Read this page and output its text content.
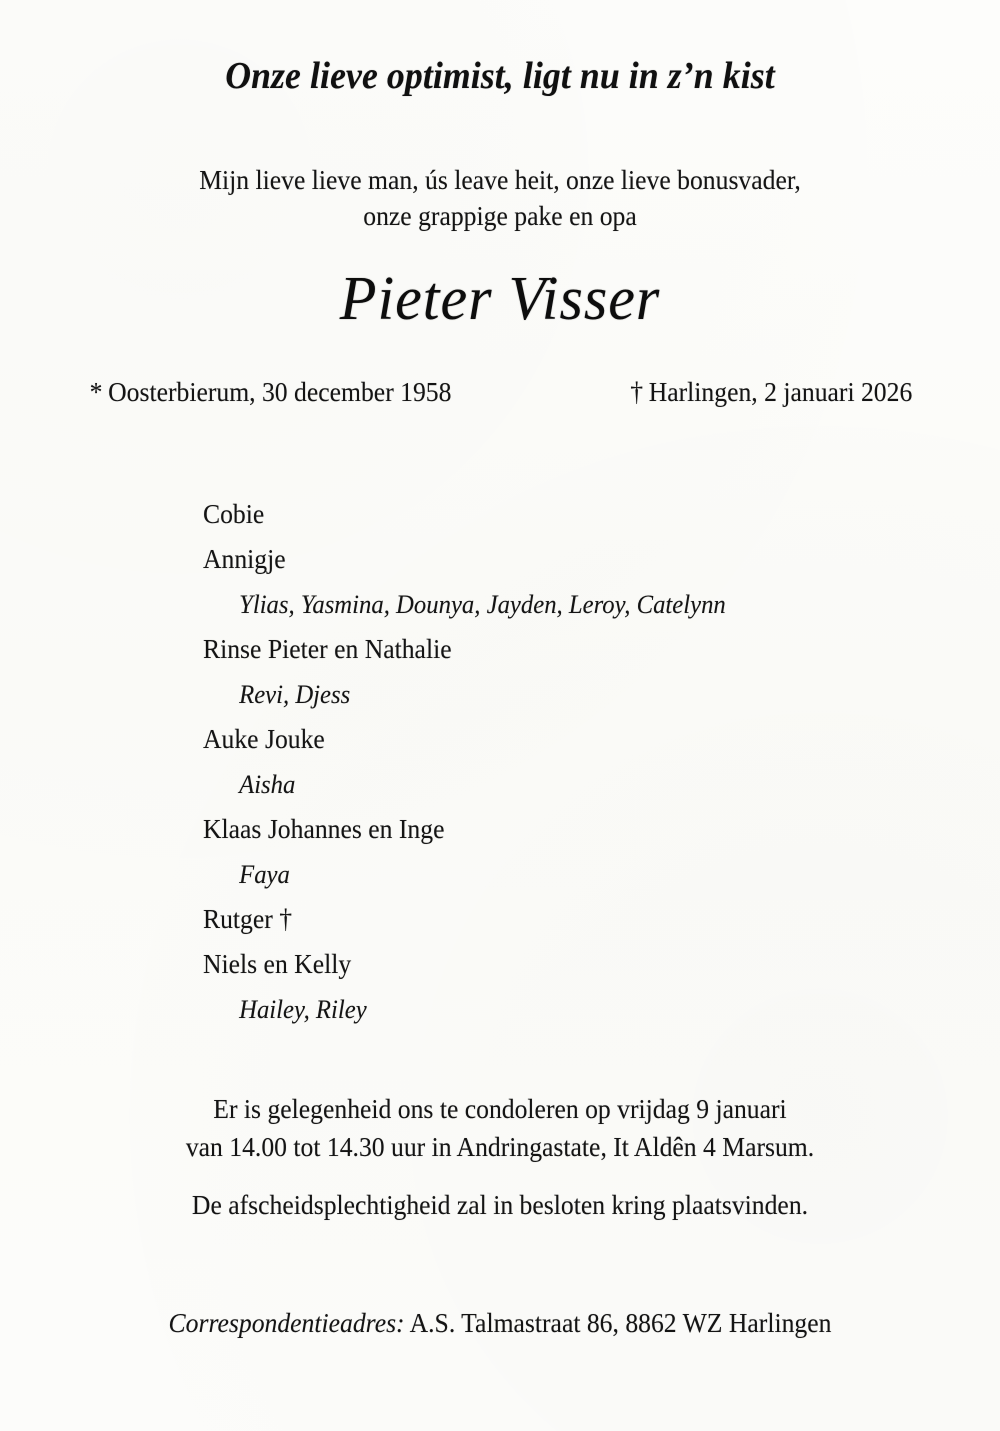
Onze lieve optimist, ligt nu in z’n kist
Mijn lieve lieve man, ús leave heit, onze lieve bonusvader,
onze grappige pake en opa
Pieter Visser
* Oosterbierum, 30 december 1958	† Harlingen, 2 januari 2026
Cobie
Annigje
Ylias, Yasmina, Dounya, Jayden, Leroy, Catelynn
Rinse Pieter en Nathalie
Revi, Djess
Auke Jouke
Aisha
Klaas Johannes en Inge
Faya
Rutger †
Niels en Kelly
Hailey, Riley
Er is gelegenheid ons te condoleren op vrijdag 9 januari
van 14.00 tot 14.30 uur in Andringastate, It Aldên 4 Marsum.
De afscheidsplechtigheid zal in besloten kring plaatsvinden.
Correspondentieadres: A.S. Talmastraat 86, 8862 WZ Harlingen
